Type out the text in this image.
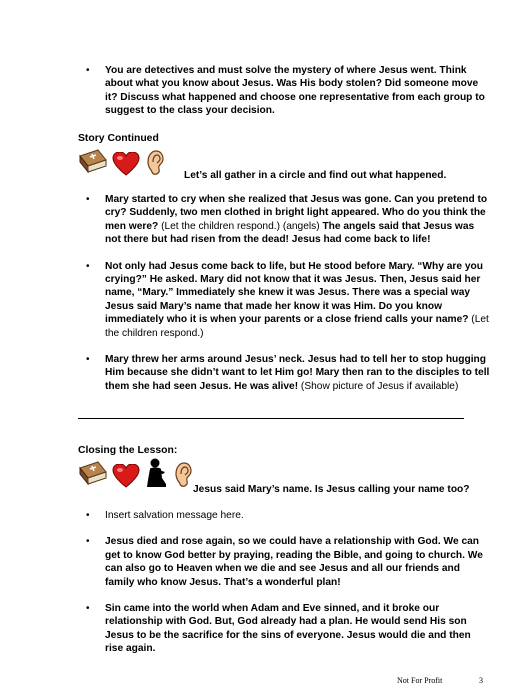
• You are detectives and must solve the mystery of where Jesus went. Think about what you know about Jesus. Was His body stolen? Did someone move it? Discuss what happened and choose one representative from each group to suggest to the class your decision.
Story Continued
Let’s all gather in a circle and find out what happened.
• Mary started to cry when she realized that Jesus was gone. Can you pretend to cry? Suddenly, two men clothed in bright light appeared. Who do you think the men were? (Let the children respond.) (angels) The angels said that Jesus was not there but had risen from the dead! Jesus had come back to life!
• Not only had Jesus come back to life, but He stood before Mary. “Why are you crying?” He asked. Mary did not know that it was Jesus. Then, Jesus said her name, “Mary.” Immediately she knew it was Jesus. There was a special way Jesus said Mary’s name that made her know it was Him. Do you know immediately who it is when your parents or a close friend calls your name? (Let the children respond.)
• Mary threw her arms around Jesus’ neck. Jesus had to tell her to stop hugging Him because she didn’t want to let Him go! Mary then ran to the disciples to tell them she had seen Jesus. He was alive! (Show picture of Jesus if available)
Closing the Lesson:
Jesus said Mary’s name. Is Jesus calling your name too?
• Insert salvation message here.
• Jesus died and rose again, so we could have a relationship with God. We can get to know God better by praying, reading the Bible, and going to church. We can also go to Heaven when we die and see Jesus and all our friends and family who know Jesus. That’s a wonderful plan!
• Sin came into the world when Adam and Eve sinned, and it broke our relationship with God. But, God already had a plan. He would send His son Jesus to be the sacrifice for the sins of everyone. Jesus would die and then rise again.
Not For Profit	3
